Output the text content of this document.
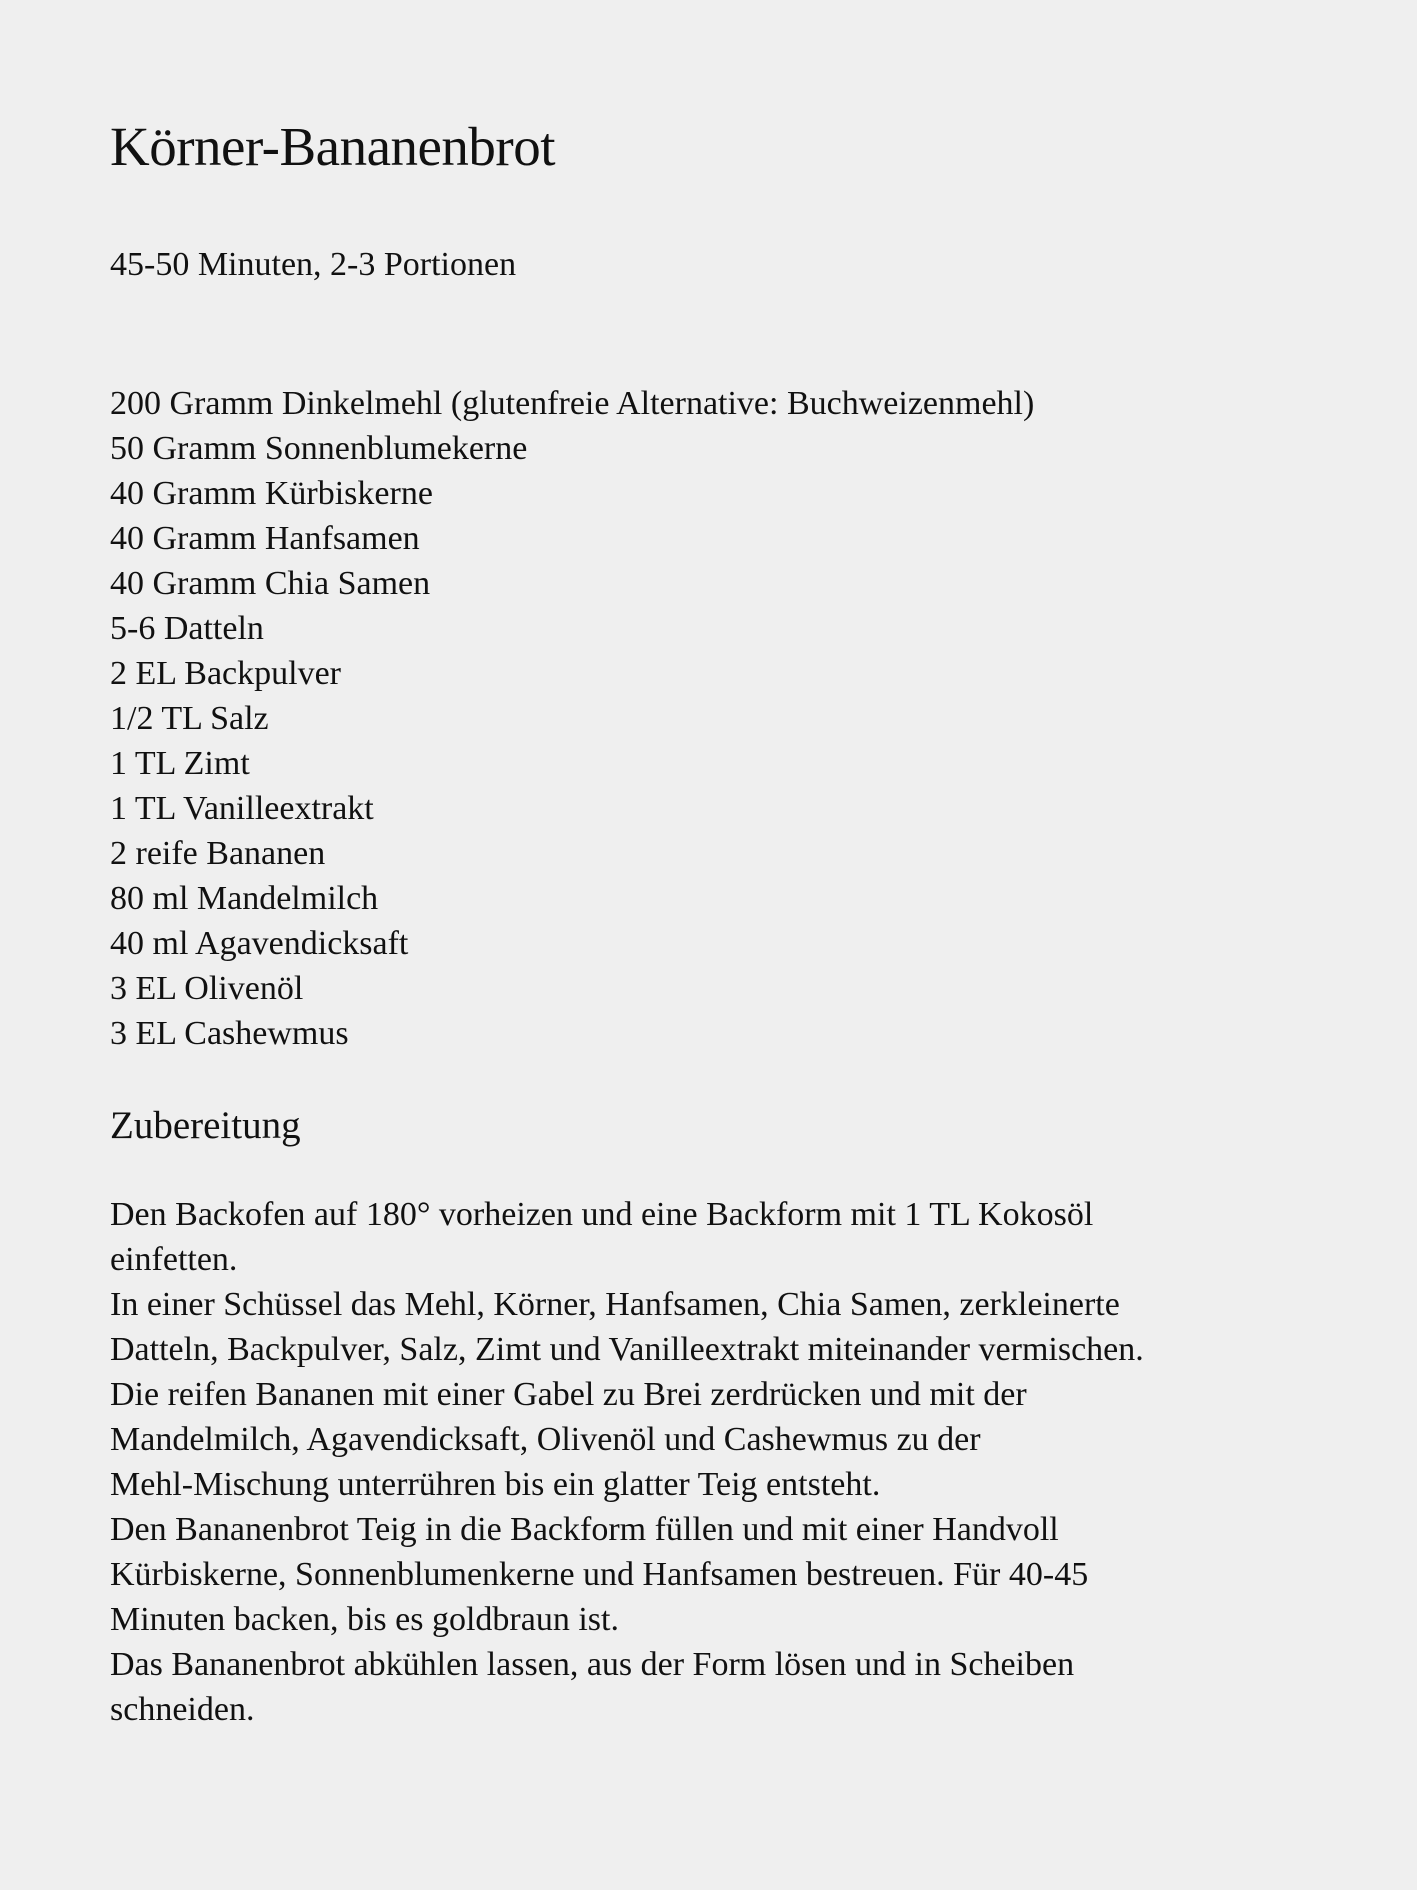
Körner-Bananenbrot

45-50 Minuten, 2-3 Portionen

200 Gramm Dinkelmehl (glutenfreie Alternative: Buchweizenmehl)
50 Gramm Sonnenblumekerne
40 Gramm Kürbiskerne
40 Gramm Hanfsamen
40 Gramm Chia Samen
5-6 Datteln
2 EL Backpulver
1/2 TL Salz
1 TL Zimt
1 TL Vanilleextrakt
2 reife Bananen
80 ml Mandelmilch
40 ml Agavendicksaft
3 EL Olivenöl
3 EL Cashewmus
Zubereitung
Den Backofen auf 180° vorheizen und eine Backform mit 1 TL Kokosöl
einfetten.
In einer Schüssel das Mehl, Körner, Hanfsamen, Chia Samen, zerkleinerte
Datteln, Backpulver, Salz, Zimt und Vanilleextrakt miteinander vermischen.
Die reifen Bananen mit einer Gabel zu Brei zerdrücken und mit der
Mandelmilch, Agavendicksaft, Olivenöl und Cashewmus zu der
Mehl-Mischung unterrühren bis ein glatter Teig entsteht.
Den Bananenbrot Teig in die Backform füllen und mit einer Handvoll
Kürbiskerne, Sonnenblumenkerne und Hanfsamen bestreuen. Für 40-45
Minuten backen, bis es goldbraun ist.
Das Bananenbrot abkühlen lassen, aus der Form lösen und in Scheiben
schneiden.
